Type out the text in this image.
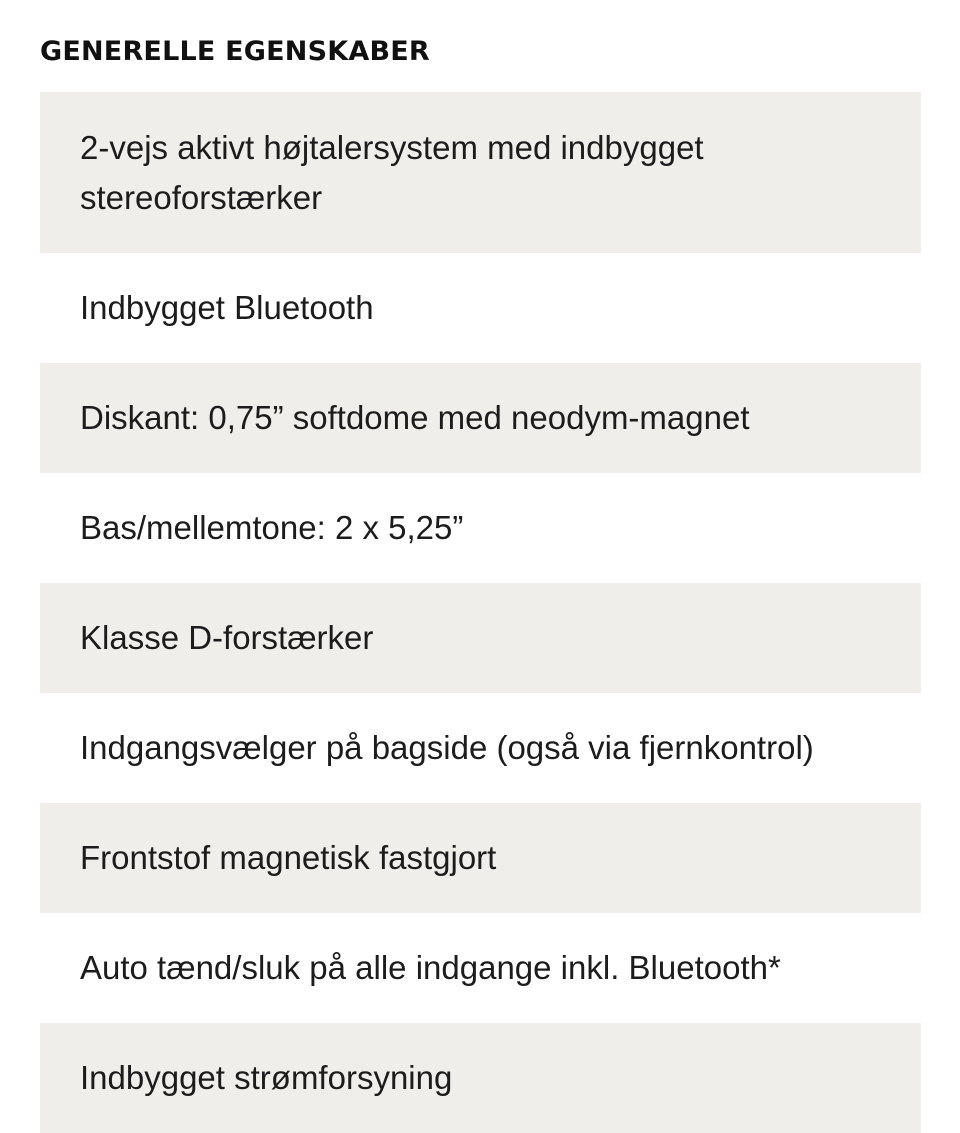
GENERELLE EGENSKABER
2-vejs aktivt højtalersystem med indbygget stereoforstærker
Indbygget Bluetooth
Diskant: 0,75” softdome med neodym-magnet
Bas/mellemtone: 2 x 5,25”
Klasse D-forstærker
Indgangsvælger på bagside (også via fjernkontrol)
Frontstof magnetisk fastgjort
Auto tænd/sluk på alle indgange inkl. Bluetooth*
Indbygget strømforsyning
